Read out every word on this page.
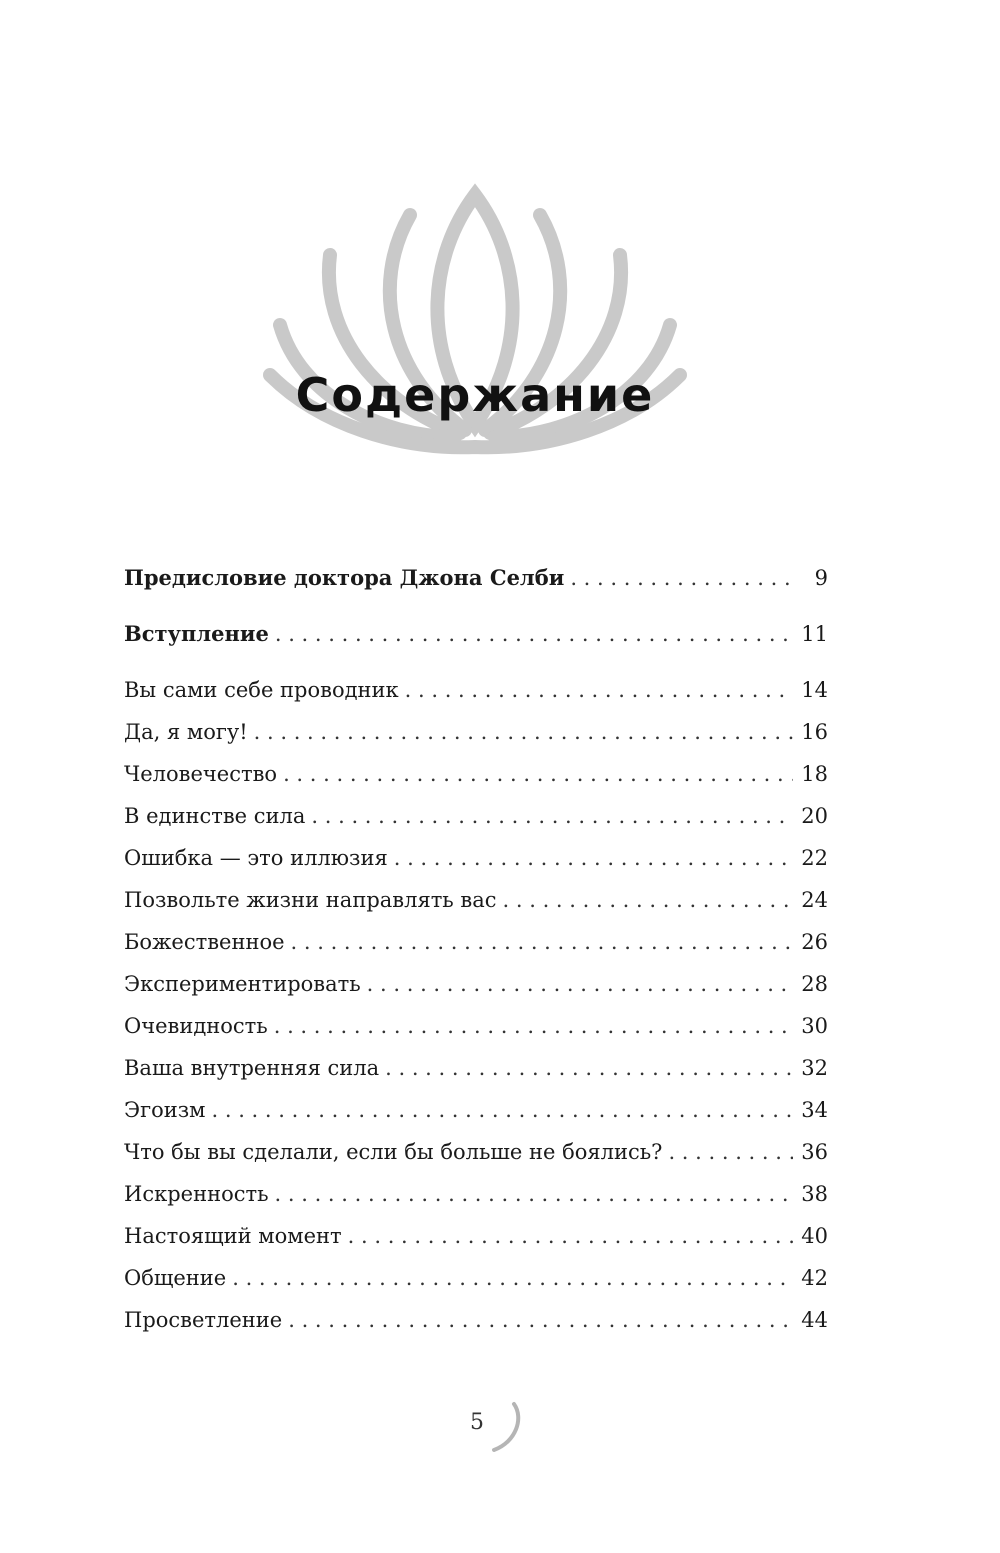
Содержание
Предисловие доктора Джона Селби . . .	9
Вступление . . .	11
Вы сами себе проводник . . .	14
Да, я могу! . . .	16
Человечество . . .	18
В единстве сила . . .	20
Ошибка — это иллюзия . . .	22
Позвольте жизни направлять вас . . .	24
Божественное . . .	26
Экспериментировать . . .	28
Очевидность . . .	30
Ваша внутренняя сила . . .	32
Эгоизм . . .	34
Что бы вы сделали, если бы больше не боялись? . . .	36
Искренность . . .	38
Настоящий момент . . .	40
Общение . . .	42
Просветление . . .	44
5
